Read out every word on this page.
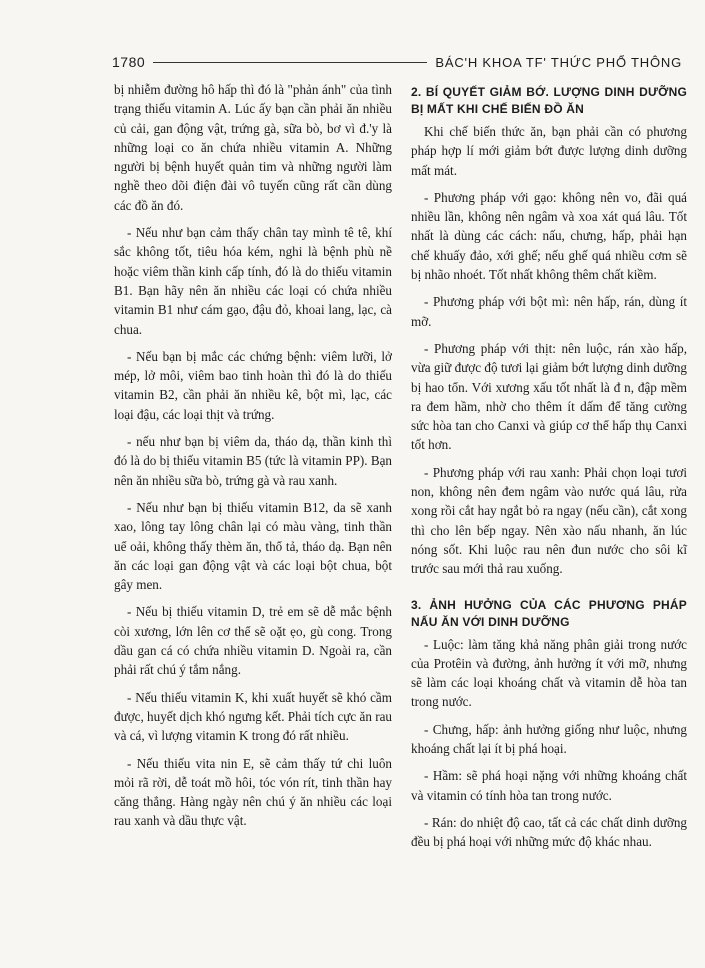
1780	BÁC'H KHOA TF' THỨC PHỔ THÔNG

bị nhiễm đường hô hấp thì đó là "phản ánh" của tình trạng thiếu vitamin A. Lúc ấy bạn cần phải ăn nhiều củ cải, gan động vật, trứng gà, sữa bò, bơ vì đ.'y là những loại co ăn chứa nhiều vitamin A. Những người bị bệnh huyết quản tim và những người làm nghề theo dõi điện đài vô tuyến cũng rất cần dùng các đồ ăn đó.

- Nếu như bạn cảm thấy chân tay mình tê tê, khí sắc không tốt, tiêu hóa kém, nghi là bệnh phù nề hoặc viêm thần kinh cấp tính, đó là do thiếu vitamin B1. Bạn hãy nên ăn nhiều các loại có chứa nhiều vitamin B1 như cám gạo, đậu đỏ, khoai lang, lạc, cà chua.

- Nếu bạn bị mắc các chứng bệnh: viêm lưỡi, lở mép, lở môi, viêm bao tinh hoàn thì đó là do thiếu vitamin B2, cần phải ăn nhiều kê, bột mì, lạc, các loại đậu, các loại thịt và trứng.

- nếu như bạn bị viêm da, tháo dạ, thần kinh thì đó là do bị thiếu vitamin B5 (tức là vitamin PP). Bạn nên ăn nhiều sữa bò, trứng gà và rau xanh.

- Nếu như bạn bị thiếu vitamin B12, da sẽ xanh xao, lông tay lông chân lại có màu vàng, tinh thần uể oải, không thấy thèm ăn, thổ tả, tháo dạ. Bạn nên ăn các loại gan động vật và các loại bột chua, bột gây men.

- Nếu bị thiếu vitamin D, trẻ em sẽ dễ mắc bệnh còi xương, lớn lên cơ thể sẽ oặt ẹo, gù cong. Trong dầu gan cá có chứa nhiều vitamin D. Ngoài ra, cần phải rất chú ý tắm nắng.

- Nếu thiếu vitamin K, khi xuất huyết sẽ khó cầm được, huyết dịch khó ngưng kết. Phải tích cực ăn rau và cá, vì lượng vitamin K trong đó rất nhiều.

- Nếu thiếu vita nin E, sẽ cảm thấy tứ chi luôn mỏi rã rời, dễ toát mồ hôi, tóc vón rít, tinh thần hay căng thẳng. Hàng ngày nên chú ý ăn nhiều các loại rau xanh và dầu thực vật.

2. BÍ QUYẾT GIẢM BỚ. LƯỢNG DINH DƯỠNG BỊ MẤT KHI CHẾ BIẾN ĐỒ ĂN

Khi chế biến thức ăn, bạn phải cần có phương pháp hợp lí mới giảm bớt được lượng dinh dưỡng mất mát.

- Phương pháp với gạo: không nên vo, đãi quá nhiều lần, không nên ngâm và xoa xát quá lâu. Tốt nhất là dùng các cách: nấu, chưng, hấp, phải hạn chế khuấy đảo, xới ghế; nếu ghế quá nhiều cơm sẽ bị nhão nhoét. Tốt nhất không thêm chất kiềm.

- Phương pháp với bột mì: nên hấp, rán, dùng ít mỡ.

- Phương pháp với thịt: nên luộc, rán xào hấp, vừa giữ được độ tươi lại giảm bớt lượng dinh dưỡng bị hao tổn. Với xương xấu tốt nhất là đ n, đập mềm ra đem hầm, nhờ cho thêm ít dấm để tăng cường sức hòa tan cho Canxi và giúp cơ thể hấp thụ Canxi tốt hơn.

- Phương pháp với rau xanh: Phải chọn loại tươi non, không nên đem ngâm vào nước quá lâu, rửa xong rồi cắt hay ngắt bỏ ra ngay (nếu cần), cắt xong thì cho lên bếp ngay. Nên xào nấu nhanh, ăn lúc nóng sốt. Khi luộc rau nên đun nước cho sôi kĩ trước sau mới thả rau xuống.

3. ẢNH HƯỞNG CỦA CÁC PHƯƠNG PHÁP NẤU ĂN VỚI DINH DƯỠNG

- Luộc: làm tăng khả năng phân giải trong nước của Protêin và đường, ảnh hưởng ít với mỡ, nhưng sẽ làm các loại khoáng chất và vitamin dễ hòa tan trong nước.

- Chưng, hấp: ảnh hưởng giống như luộc, nhưng khoáng chất lại ít bị phá hoại.

- Hầm: sẽ phá hoại nặng với những khoáng chất và vitamin có tính hòa tan trong nước.

- Rán: do nhiệt độ cao, tất cả các chất dinh dưỡng đều bị phá hoại với những mức độ khác nhau.
